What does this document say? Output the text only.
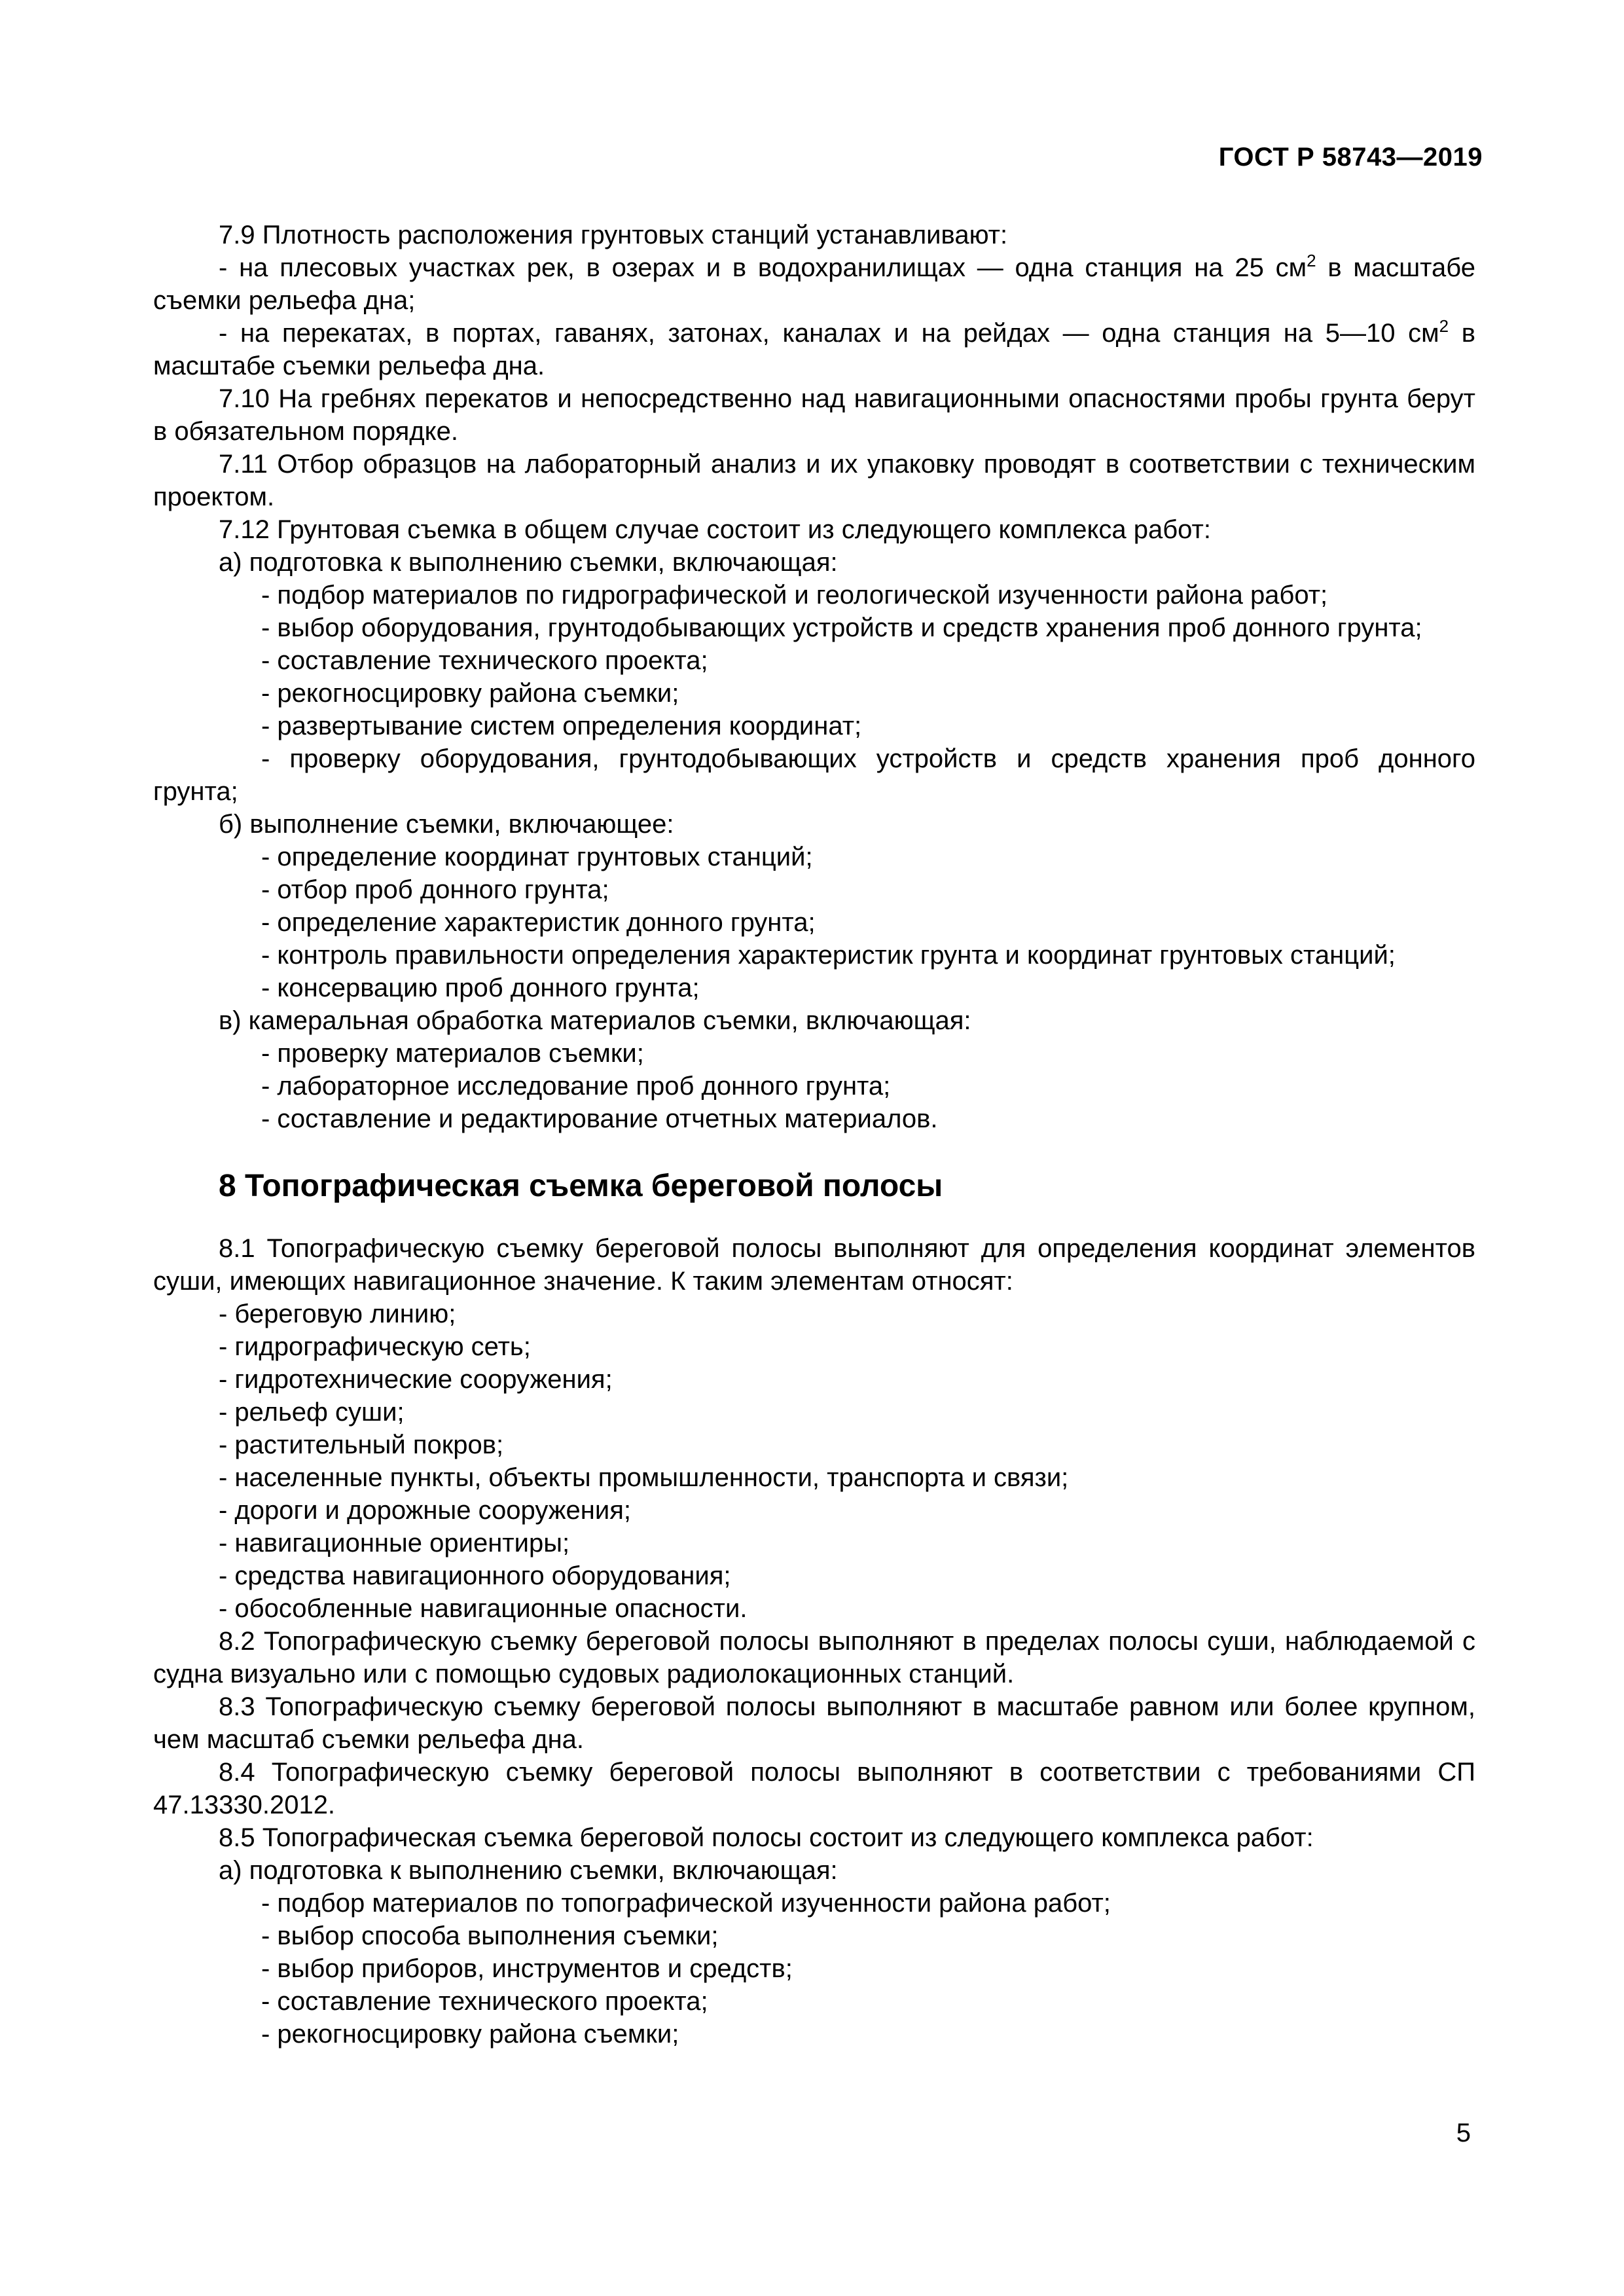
ГОСТ Р 58743—2019

7.9 Плотность расположения грунтовых станций устанавливают:

- на плесовых участках рек, в озерах и в водохранилищах — одна станция на 25 $см^2$ в масштабе съемки рельефа дна;

- на перекатах, в портах, гаванях, затонах, каналах и на рейдах — одна станция на 5—10 $см^2$ в масштабе съемки рельефа дна.

7.10 На гребнях перекатов и непосредственно над навигационными опасностями пробы грунта берут в обязательном порядке.

7.11 Отбор образцов на лабораторный анализ и их упаковку проводят в соответствии с техническим проектом.

7.12 Грунтовая съемка в общем случае состоит из следующего комплекса работ:

а) подготовка к выполнению съемки, включающая:

- подбор материалов по гидрографической и геологической изученности района работ;

- выбор оборудования, грунтодобывающих устройств и средств хранения проб донного грунта;

- составление технического проекта;

- рекогносцировку района съемки;

- развертывание систем определения координат;

- проверку оборудования, грунтодобывающих устройств и средств хранения проб донного

грунта;

б) выполнение съемки, включающее:

- определение координат грунтовых станций;

- отбор проб донного грунта;

- определение характеристик донного грунта;

- контроль правильности определения характеристик грунта и координат грунтовых станций;

- консервацию проб донного грунта;

в) камеральная обработка материалов съемки, включающая:

- проверку материалов съемки;

- лабораторное исследование проб донного грунта;

- составление и редактирование отчетных материалов.

8 Топографическая съемка береговой полосы

8.1 Топографическую съемку береговой полосы выполняют для определения координат элементов суши, имеющих навигационное значение. К таким элементам относят:

- береговую линию;

- гидрографическую сеть;

- гидротехнические сооружения;

- рельеф суши;

- растительный покров;

- населенные пункты, объекты промышленности, транспорта и связи;

- дороги и дорожные сооружения;

- навигационные ориентиры;

- средства навигационного оборудования;

- обособленные навигационные опасности.

8.2 Топографическую съемку береговой полосы выполняют в пределах полосы суши, наблюдаемой с судна визуально или с помощью судовых радиолокационных станций.

8.3 Топографическую съемку береговой полосы выполняют в масштабе равном или более крупном, чем масштаб съемки рельефа дна.

8.4 Топографическую съемку береговой полосы выполняют в соответствии с требованиями СП 47.13330.2012.

8.5 Топографическая съемка береговой полосы состоит из следующего комплекса работ:

а) подготовка к выполнению съемки, включающая:

- подбор материалов по топографической изученности района работ;

- выбор способа выполнения съемки;

- выбор приборов, инструментов и средств;

- составление технического проекта;

- рекогносцировку района съемки;

5
